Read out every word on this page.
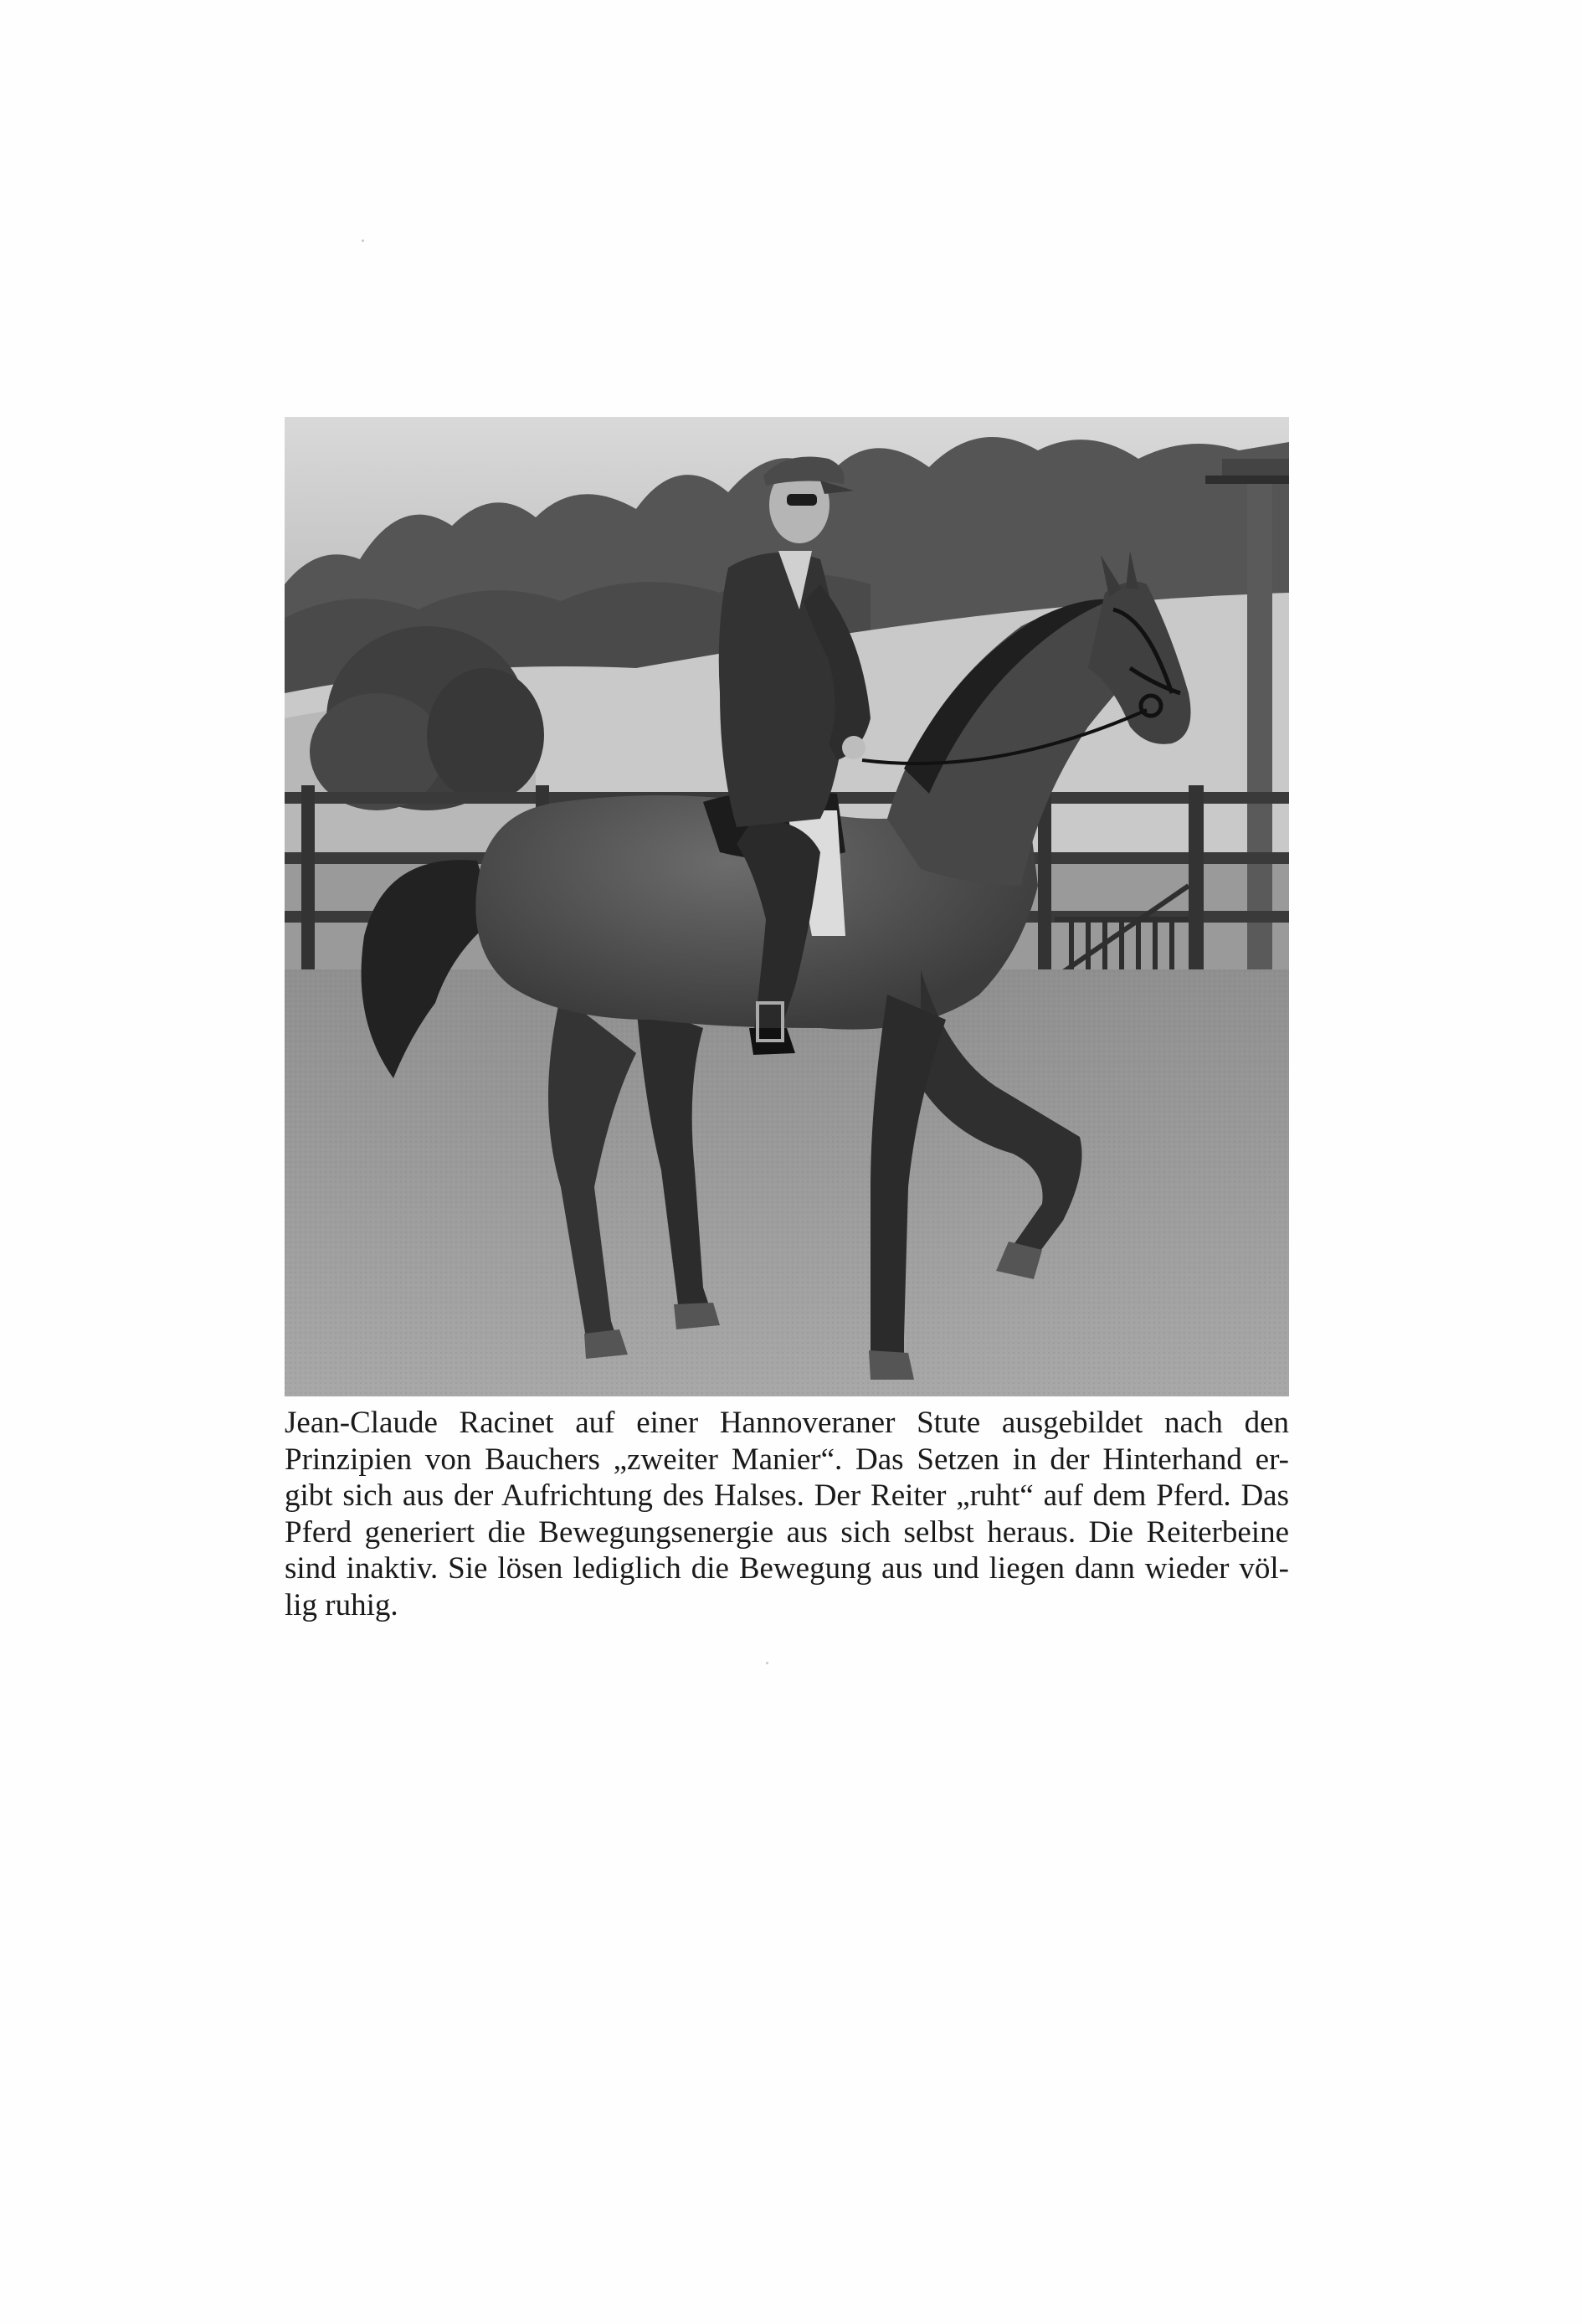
Jean-Claude Racinet auf einer Hannoveraner Stute ausgebildet nach den
Prinzipien von Bauchers „zweiter Manier“. Das Setzen in der Hinterhand er-
gibt sich aus der Aufrichtung des Halses. Der Reiter „ruht“ auf dem Pferd. Das
Pferd generiert die Bewegungsenergie aus sich selbst heraus. Die Reiterbeine
sind inaktiv. Sie lösen lediglich die Bewegung aus und liegen dann wieder völ-
lig ruhig.
